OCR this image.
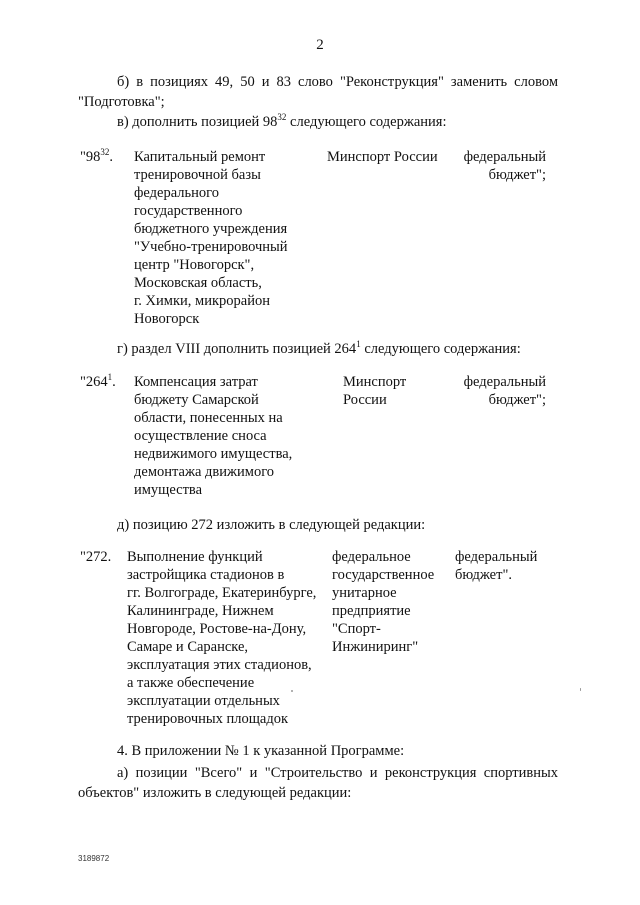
2

б) в позициях 49, 50 и 83 слово "Реконструкция" заменить словом

"Подготовка";

в) дополнить позицией $98^{32}$ следующего содержания:

"$98^{32}$. Капитальный ремонт
тренировочной базы
федерального
государственного
бюджетного учреждения
"Учебно-тренировочный
центр "Новогорск",
Московская область,
г. Химки, микрорайон
Новогорск
Минспорт России	федеральный
бюджет";

г) раздел VIII дополнить позицией $264^1$ следующего содержания:

"$264^1$. Компенсация затрат
бюджету Самарской
области, понесенных на
осуществление сноса
недвижимого имущества,
демонтажа движимого
имущества
Минспорт
России
федеральный
бюджет";

д) позицию 272 изложить в следующей редакции:

"272. Выполнение функций
застройщика стадионов в
гг. Волгограде, Екатеринбурге,
Калининграде, Нижнем
Новгороде, Ростове-на-Дону,
Самаре и Саранске,
эксплуатация этих стадионов,
а также обеспечение
эксплуатации отдельных
тренировочных площадок
федеральное
государственное
унитарное
предприятие
"Спорт-
Инжиниринг"
федеральный
бюджет".

4. В приложении № 1 к указанной Программе:

а) позиции "Всего" и "Строительство и реконструкция спортивных

объектов" изложить в следующей редакции:

3189872
